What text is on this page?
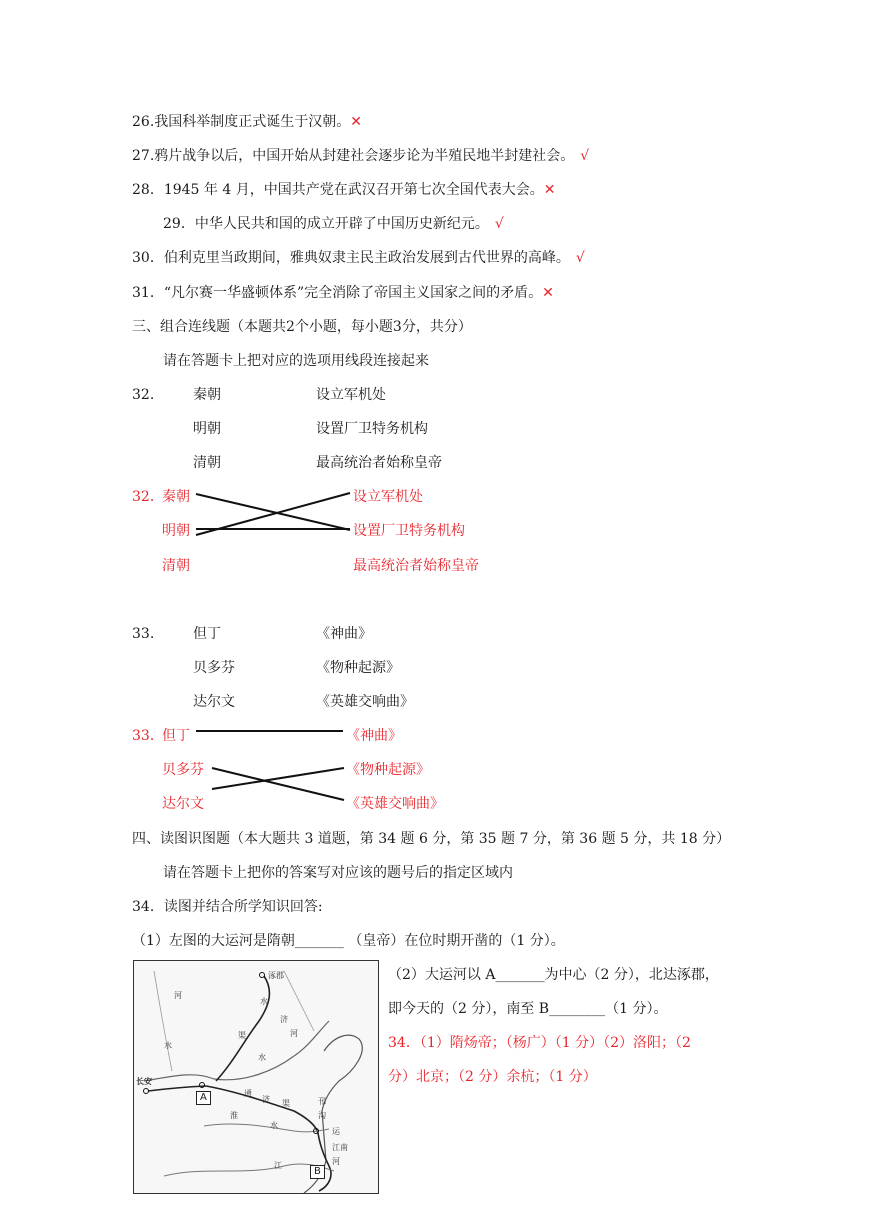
26.我国科举制度正式诞生于汉朝。✕
27.鸦片战争以后，中国开始从封建社会逐步论为半殖民地半封建社会。 √
28．1945 年 4 月，中国共产党在武汉召开第七次全国代表大会。✕
29．中华人民共和国的成立开辟了中国历史新纪元。 √
30．伯利克里当政期间，雅典奴隶主民主政治发展到古代世界的高峰。 √
31．“凡尔赛一华盛顿体系”完全消除了帝国主义国家之间的矛盾。✕
三、组合连线题（本题共2个小题，每小题3分，共分）
请在答题卡上把对应的选项用线段连接起来
32.	秦朝
明朝
清朝
设立军机处
设置厂卫特务机构
最高统治者始称皇帝
32．
秦朝
明朝
清朝
设立军机处
设置厂卫特务机构
最高统治者始称皇帝
33.	但丁
贝多芬
达尔文
《神曲》
《物种起源》
《英雄交响曲》
33．
但丁
贝多芬
达尔文
《神曲》
《物种起源》
《英雄交响曲》
四、读图识图题（本大题共 3 道题，第 34 题 6 分，第 35 题 7 分，第 36 题 5 分，共 18 分）
请在答题卡上把你的答案写对应该的题号后的指定区域内
34．读图并结合所学知识回答:
（1）左图的大运河是隋朝_______ （皇帝）在位时期开凿的（1 分）。
（2）大运河以 A_______为中心（2 分），北达涿郡，
即今天的（2 分），南至 B________（1 分）。
34．（1）隋炀帝；（杨广）（1 分）（2）洛阳；（2
分）北京；（2 分）余杭；（1 分）
涿郡
河
水
水
济
河
渠
水
长安
通
济 渠
淮
水
邗
沟
江
江南
河
运
A
B
